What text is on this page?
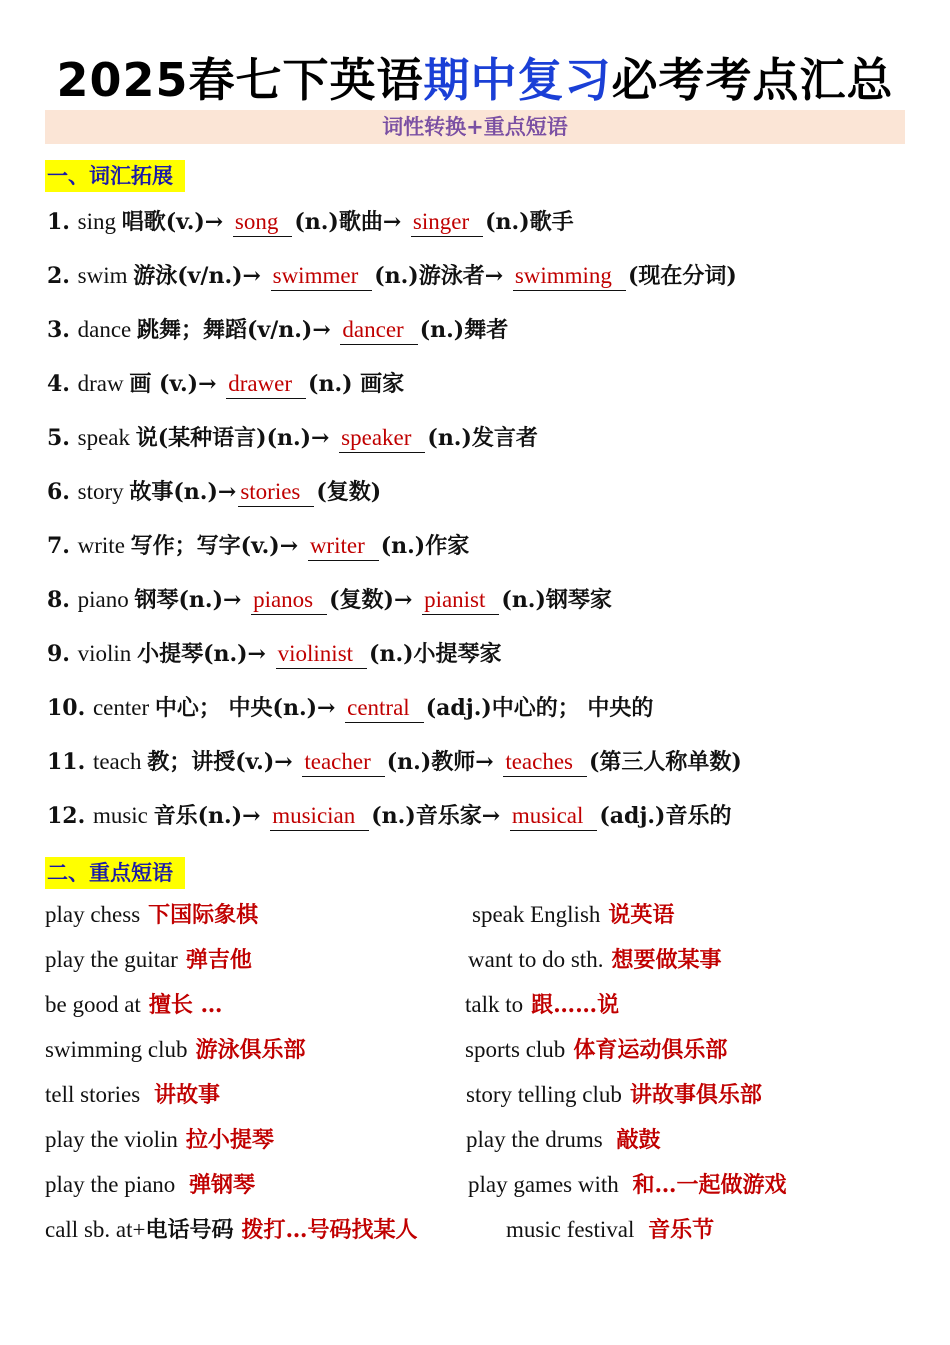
2025春七下英语期中复习必考考点汇总
词性转换+重点短语
一、词汇拓展
1. sing 唱歌(v.)→ song (n.)歌曲→ singer (n.)歌手
2. swim 游泳(v/n.)→ swimmer (n.)游泳者→ swimming (现在分词)
3. dance 跳舞；舞蹈(v/n.)→ dancer (n.)舞者
4. draw 画 (v.)→ drawer (n.) 画家
5. speak 说(某种语言)(n.)→ speaker (n.)发言者
6. story 故事(n.)→ stories (复数)
7. write 写作；写字(v.)→ writer (n.)作家
8. piano 钢琴(n.)→ pianos (复数)→ pianist (n.)钢琴家
9. violin 小提琴(n.)→ violinist (n.)小提琴家
10. center 中心； 中央(n.)→ central (adj.)中心的； 中央的
11. teach 教；讲授(v.)→ teacher (n.)教师→ teaches (第三人称单数)
12. music 音乐(n.)→ musician (n.)音乐家→ musical (adj.)音乐的
二、重点短语
play chess 下国际象棋
play the guitar 弹吉他
be good at 擅长 …
swimming club 游泳俱乐部
tell stories 讲故事
play the violin 拉小提琴
play the piano 弹钢琴
call sb. at+电话号码 拨打…号码找某人
speak English 说英语
want to do sth. 想要做某事
talk to 跟……说
sports club 体育运动俱乐部
story telling club 讲故事俱乐部
play the drums 敲鼓
play games with 和…一起做游戏
music festival 音乐节
